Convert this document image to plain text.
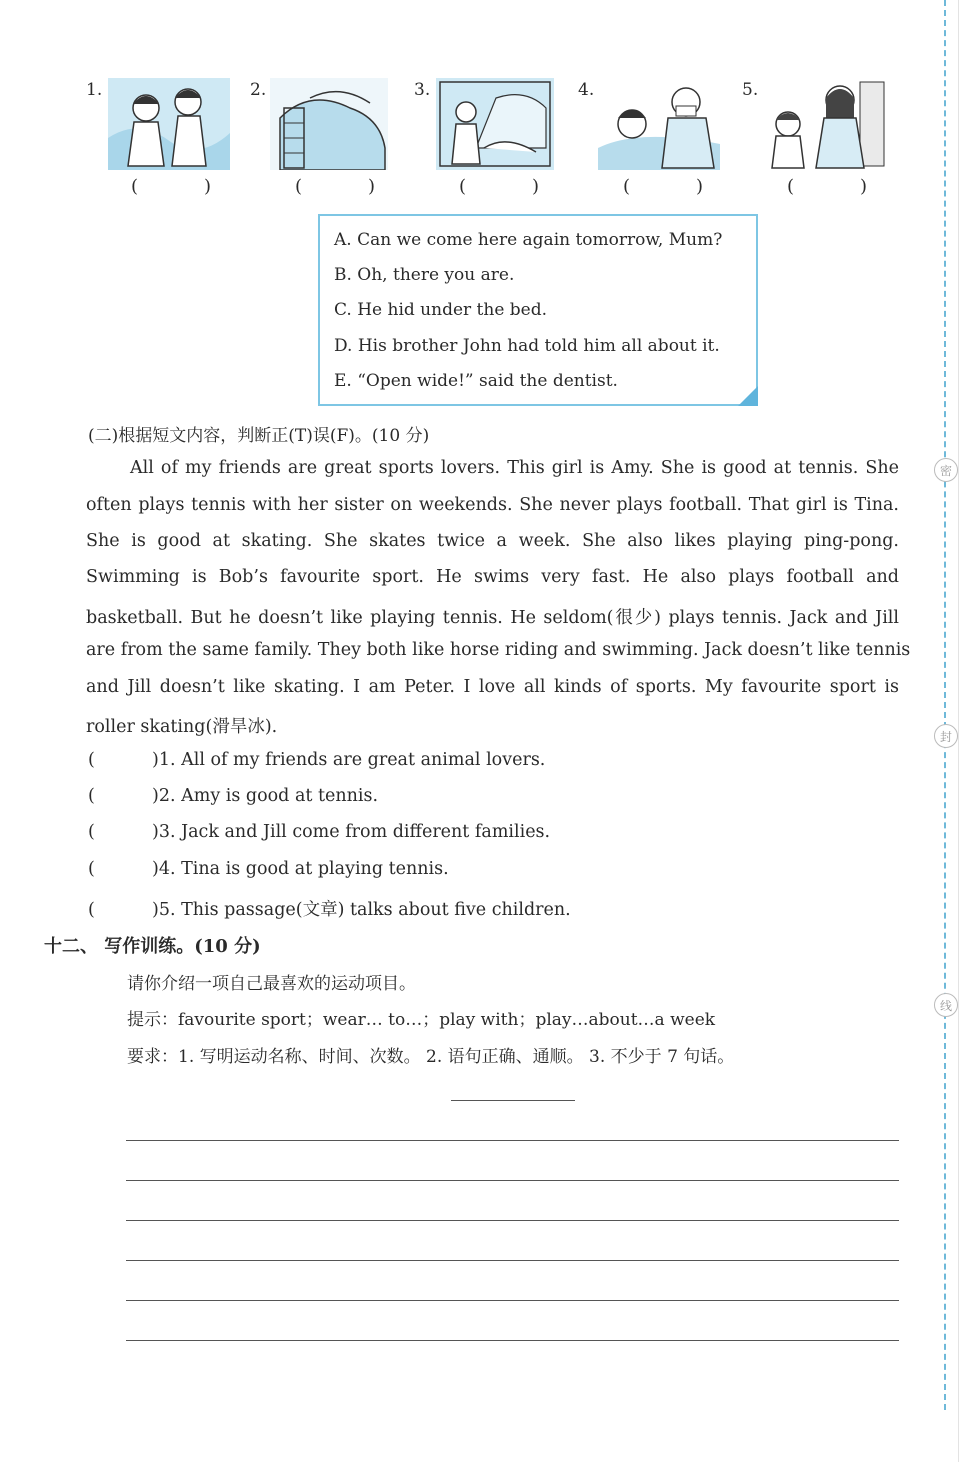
密
封
线
1.
(	)
2.
(	)
3.
(	)
4.
(	)
5.
(	)
A. Can we come here again tomorrow, Mum?
B. Oh, there you are.
C. He hid under the bed.
D. His brother John had told him all about it.
E. “Open wide!” said the dentist.
(二)根据短文内容，判断正(T)误(F)。(10 分)
All of my friends are great sports lovers. This girl is Amy. She is good at tennis. She
often plays tennis with her sister on weekends. She never plays football. That girl is Tina.
She is good at skating. She skates twice a week. She also likes playing ping-pong.
Swimming is Bob’s favourite sport. He swims very fast. He also plays football and
basketball. But he doesn’t like playing tennis. He seldom(很少) plays tennis. Jack and Jill
are from the same family. They both like horse riding and swimming. Jack doesn’t like tennis
and Jill doesn’t like skating. I am Peter. I love all kinds of sports. My favourite sport is
roller skating(滑旱冰).
(	)1. All of my friends are great animal lovers.
(	)2. Amy is good at tennis.
(	)3. Jack and Jill come from different families.
(	)4. Tina is good at playing tennis.
(	)5. This passage(文章) talks about five children.
十二、 写作训练。(10 分)
请你介绍一项自己最喜欢的运动项目。
提示：favourite sport；wear… to…；play with；play…about…a week
要求：1. 写明运动名称、时间、次数。 2. 语句正确、通顺。 3. 不少于 7 句话。
